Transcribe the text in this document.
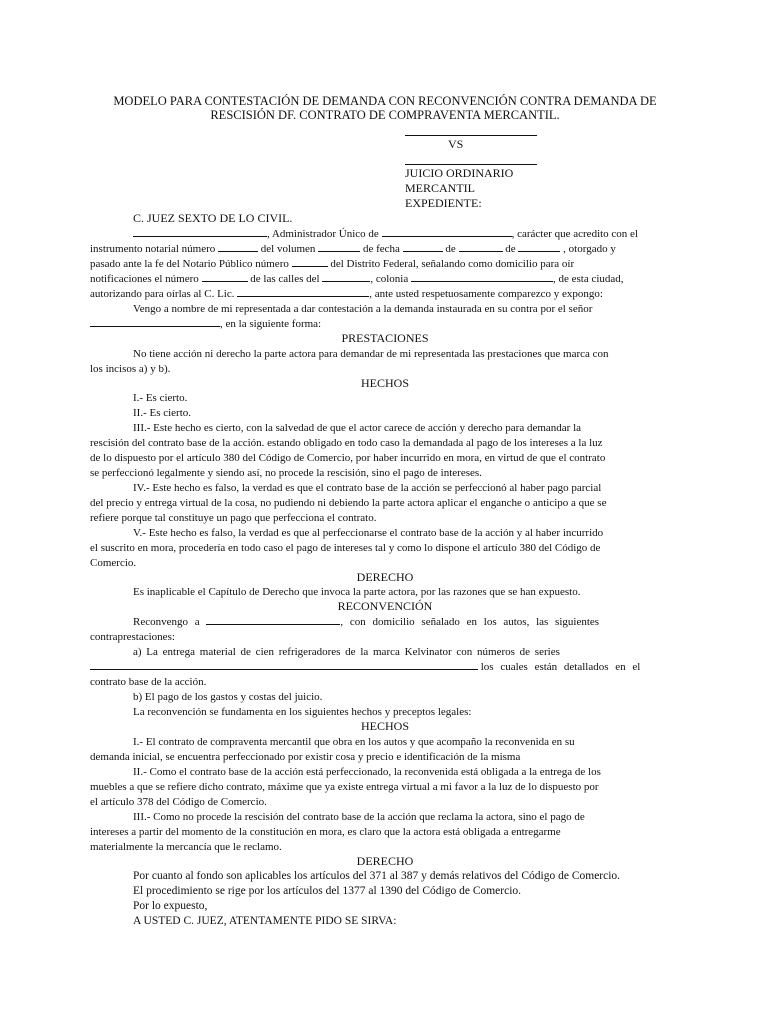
MODELO PARA CONTESTACIÓN DE DEMANDA CON RECONVENCIÓN CONTRA DEMANDA DE
RESCISIÓN DF. CONTRATO DE COMPRAVENTA MERCANTIL.
VS
JUICIO ORDINARIO
MERCANTIL
EXPEDIENTE:
C. JUEZ SEXTO DE LO CIVIL.
, Administrador Único de	, carácter que acredito con el
instrumento notarial número	del volumen	de fecha	de	de	, otorgado y
pasado ante la fe del Notario Público número	del Distrito Federal, señalando como domicilio para oír
notificaciones el número	de las calles del	, colonia	, de esta ciudad,
autorizando para oírlas al C. Lic.	, ante usted respetuosamente comparezco y expongo:
Vengo a nombre de mi representada a dar contestación a la demanda instaurada en su contra por el señor
, en la siguiente forma:
PRESTACIONES
No tiene acción ni derecho la parte actora para demandar de mi representada las prestaciones que marca con
los incisos a) y b).
HECHOS
I.- Es cierto.
II.- Es cierto.
III.- Este hecho es cierto, con la salvedad de que el actor carece de acción y derecho para demandar la
rescisión del contrato base de la acción. estando obligado en todo caso la demandada al pago de los intereses a la luz
de lo dispuesto por el artículo 380 del Código de Comercio, por haber incurrido en mora, en virtud de que el contrato
se perfeccionó legalmente y siendo así, no procede la rescisión, sino el pago de intereses.
IV.- Este hecho es falso, la verdad es que el contrato base de la acción se perfeccionó al haber pago parcial
del precio y entrega virtual de la cosa, no pudiendo ni debiendo la parte actora aplicar el enganche o anticipo a que se
refiere porque tal constituye un pago que perfecciona el contrato.
V.- Este hecho es falso, la verdad es que al perfeccionarse el contrato base de la acción y al haber incurrido
el suscrito en mora, procedería en todo caso el pago de intereses tal y como lo dispone el artículo 380 del Código de
Comercio.
DERECHO
Es inaplicable el Capítulo de Derecho que invoca la parte actora, por las razones que se han expuesto.
RECONVENCIÓN
Reconvengo a	, con domicilio señalado en los autos, las siguientes
contraprestaciones:
a) La entrega material de cien refrigeradores de la marca Kelvinator con números de series
los cuales están detallados en el
contrato base de la acción.
b) El pago de los gastos y costas del juicio.
La reconvención se fundamenta en los siguientes hechos y preceptos legales:
HECHOS
I.- El contrato de compraventa mercantil que obra en los autos y que acompaño la reconvenida en su
demanda inicial, se encuentra perfeccionado por existir cosa y precio e identificación de la misma
II.- Como el contrato base de la acción está perfeccionado, la reconvenida está obligada a la entrega de los
muebles a que se refiere dicho contrato, máxime que ya existe entrega virtual a mi favor a la luz de lo dispuesto por
el artículo 378 del Código de Comercio.
III.- Como no procede la rescisión del contrato base de la acción que reclama la actora, sino el pago de
intereses a partir del momento de la constitución en mora, es claro que la actora está obligada a entregarme
materialmente la mercancía que le reclamo.
DERECHO
Por cuanto al fondo son aplicables los artículos del 371 al 387 y demás relativos del Código de Comercio.
El procedimiento se rige por los artículos del 1377 al 1390 del Código de Comercio.
Por lo expuesto,
A USTED C. JUEZ, ATENTAMENTE PIDO SE SIRVA:
